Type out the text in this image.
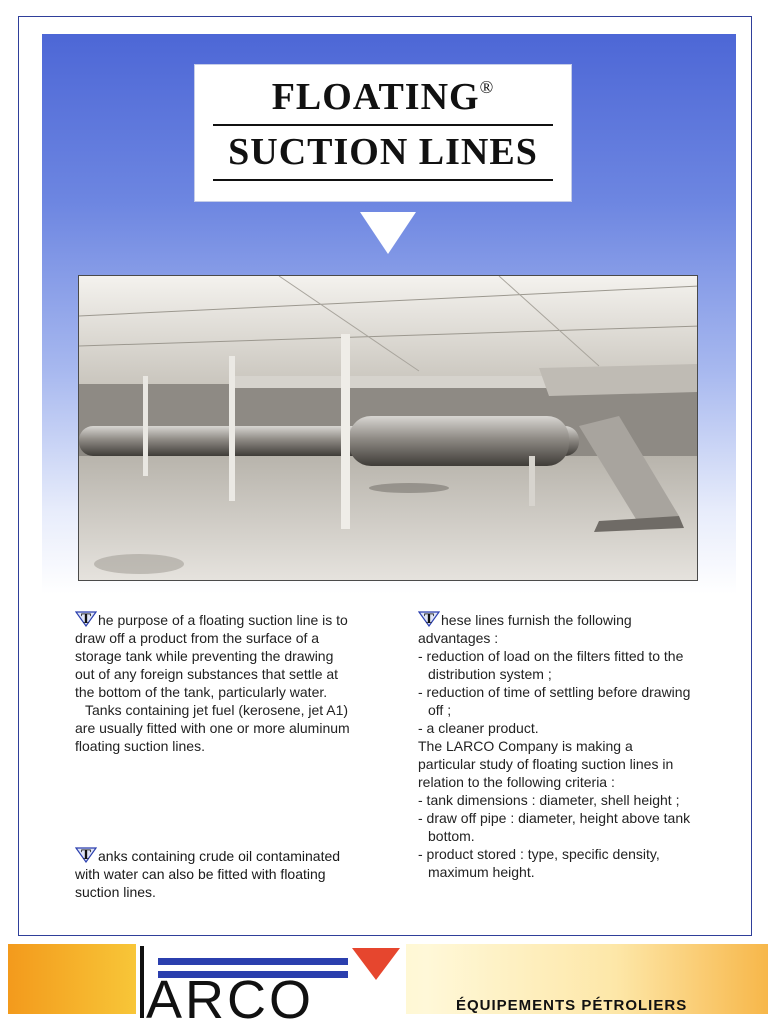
FLOATING®
SUCTION LINES

T he purpose of a floating suction line is to draw off a product from the surface of a storage tank while preventing the drawing out of any foreign substances that settle at the bottom of the tank, particularly water.

Tanks containing jet fuel (kerosene, jet A1) are usually fitted with one or more aluminum floating suction lines.

T anks containing crude oil contaminated with water can also be fitted with floating suction lines.

T hese lines furnish the following advantages :

- reduction of load on the filters fitted to the distribution system ;

- reduction of time of settling before drawing off ;

- a cleaner product.

The LARCO Company is making a particular study of floating suction lines in relation to the following criteria :

- tank dimensions : diameter, shell height ;

- draw off pipe : diameter, height above tank bottom.

- product stored : type, specific density, maximum height.

ARCO	ÉQUIPEMENTS PÉTROLIERS
